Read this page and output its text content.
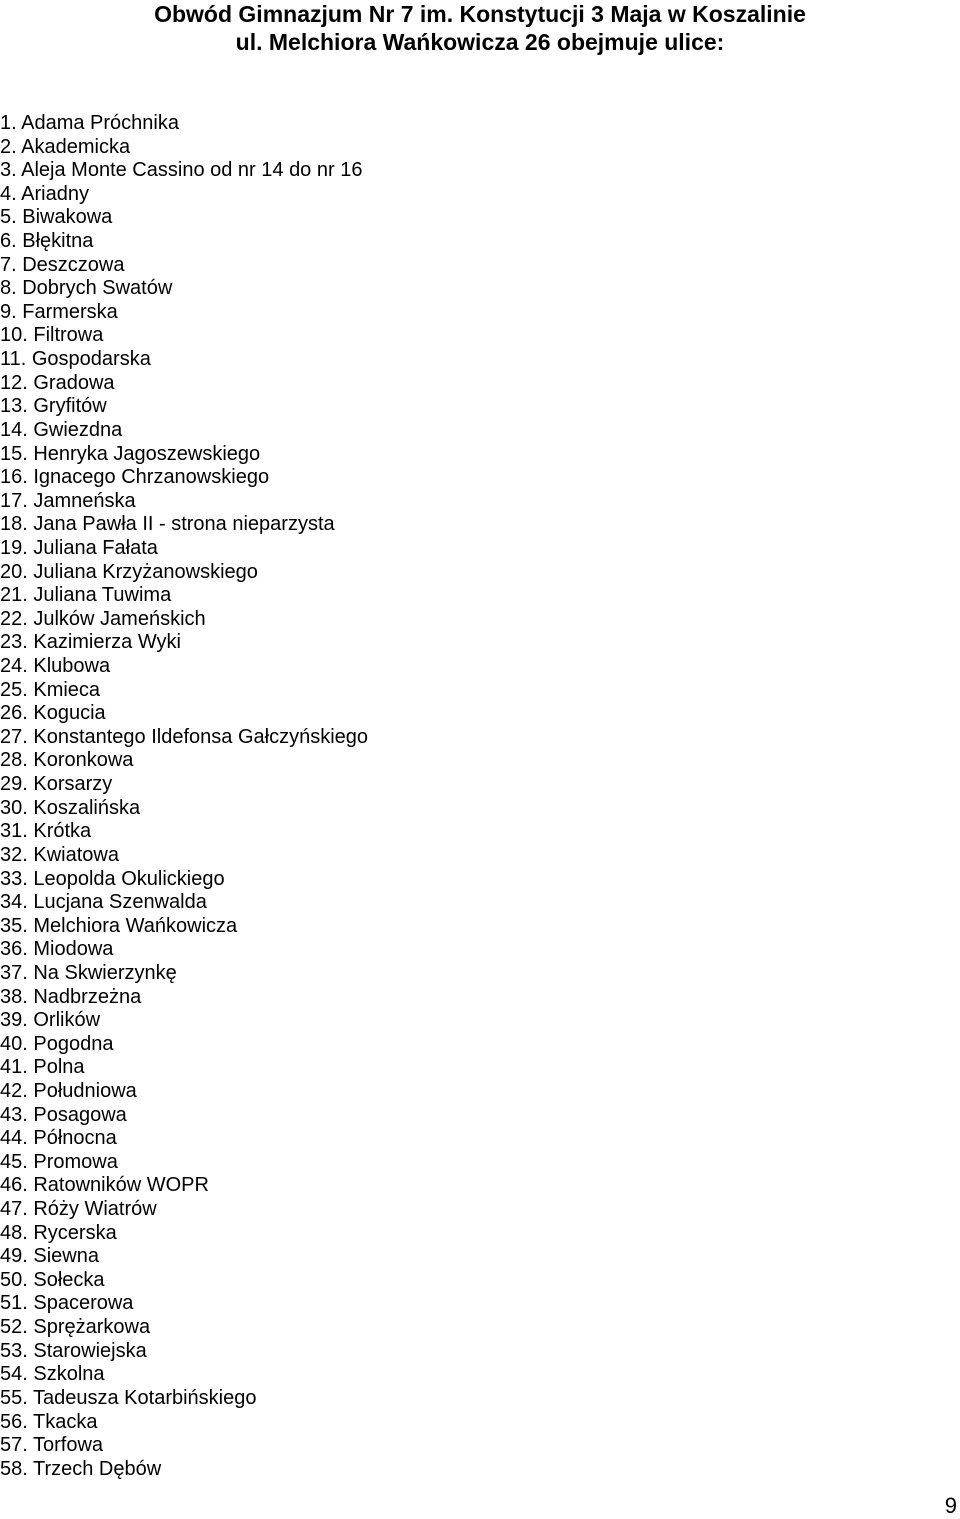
Obwód Gimnazjum Nr 7 im. Konstytucji 3 Maja w Koszalinie
ul. Melchiora Wańkowicza 26 obejmuje ulice:
1. Adama Próchnika
2. Akademicka
3. Aleja Monte Cassino od nr 14 do nr 16
4. Ariadny
5. Biwakowa
6. Błękitna
7. Deszczowa
8. Dobrych Swatów
9. Farmerska
10. Filtrowa
11. Gospodarska
12. Gradowa
13. Gryfitów
14. Gwiezdna
15. Henryka Jagoszewskiego
16. Ignacego Chrzanowskiego
17. Jamneńska
18. Jana Pawła II - strona nieparzysta
19. Juliana Fałata
20. Juliana Krzyżanowskiego
21. Juliana Tuwima
22. Julków Jameńskich
23. Kazimierza Wyki
24. Klubowa
25. Kmieca
26. Kogucia
27. Konstantego Ildefonsa Gałczyńskiego
28. Koronkowa
29. Korsarzy
30. Koszalińska
31. Krótka
32. Kwiatowa
33. Leopolda Okulickiego
34. Lucjana Szenwalda
35. Melchiora Wańkowicza
36. Miodowa
37. Na Skwierzynkę
38. Nadbrzeżna
39. Orlików
40. Pogodna
41. Polna
42. Południowa
43. Posagowa
44. Północna
45. Promowa
46. Ratowników WOPR
47. Róży Wiatrów
48. Rycerska
49. Siewna
50. Sołecka
51. Spacerowa
52. Sprężarkowa
53. Starowiejska
54. Szkolna
55. Tadeusza Kotarbińskiego
56. Tkacka
57. Torfowa
58. Trzech Dębów
9
